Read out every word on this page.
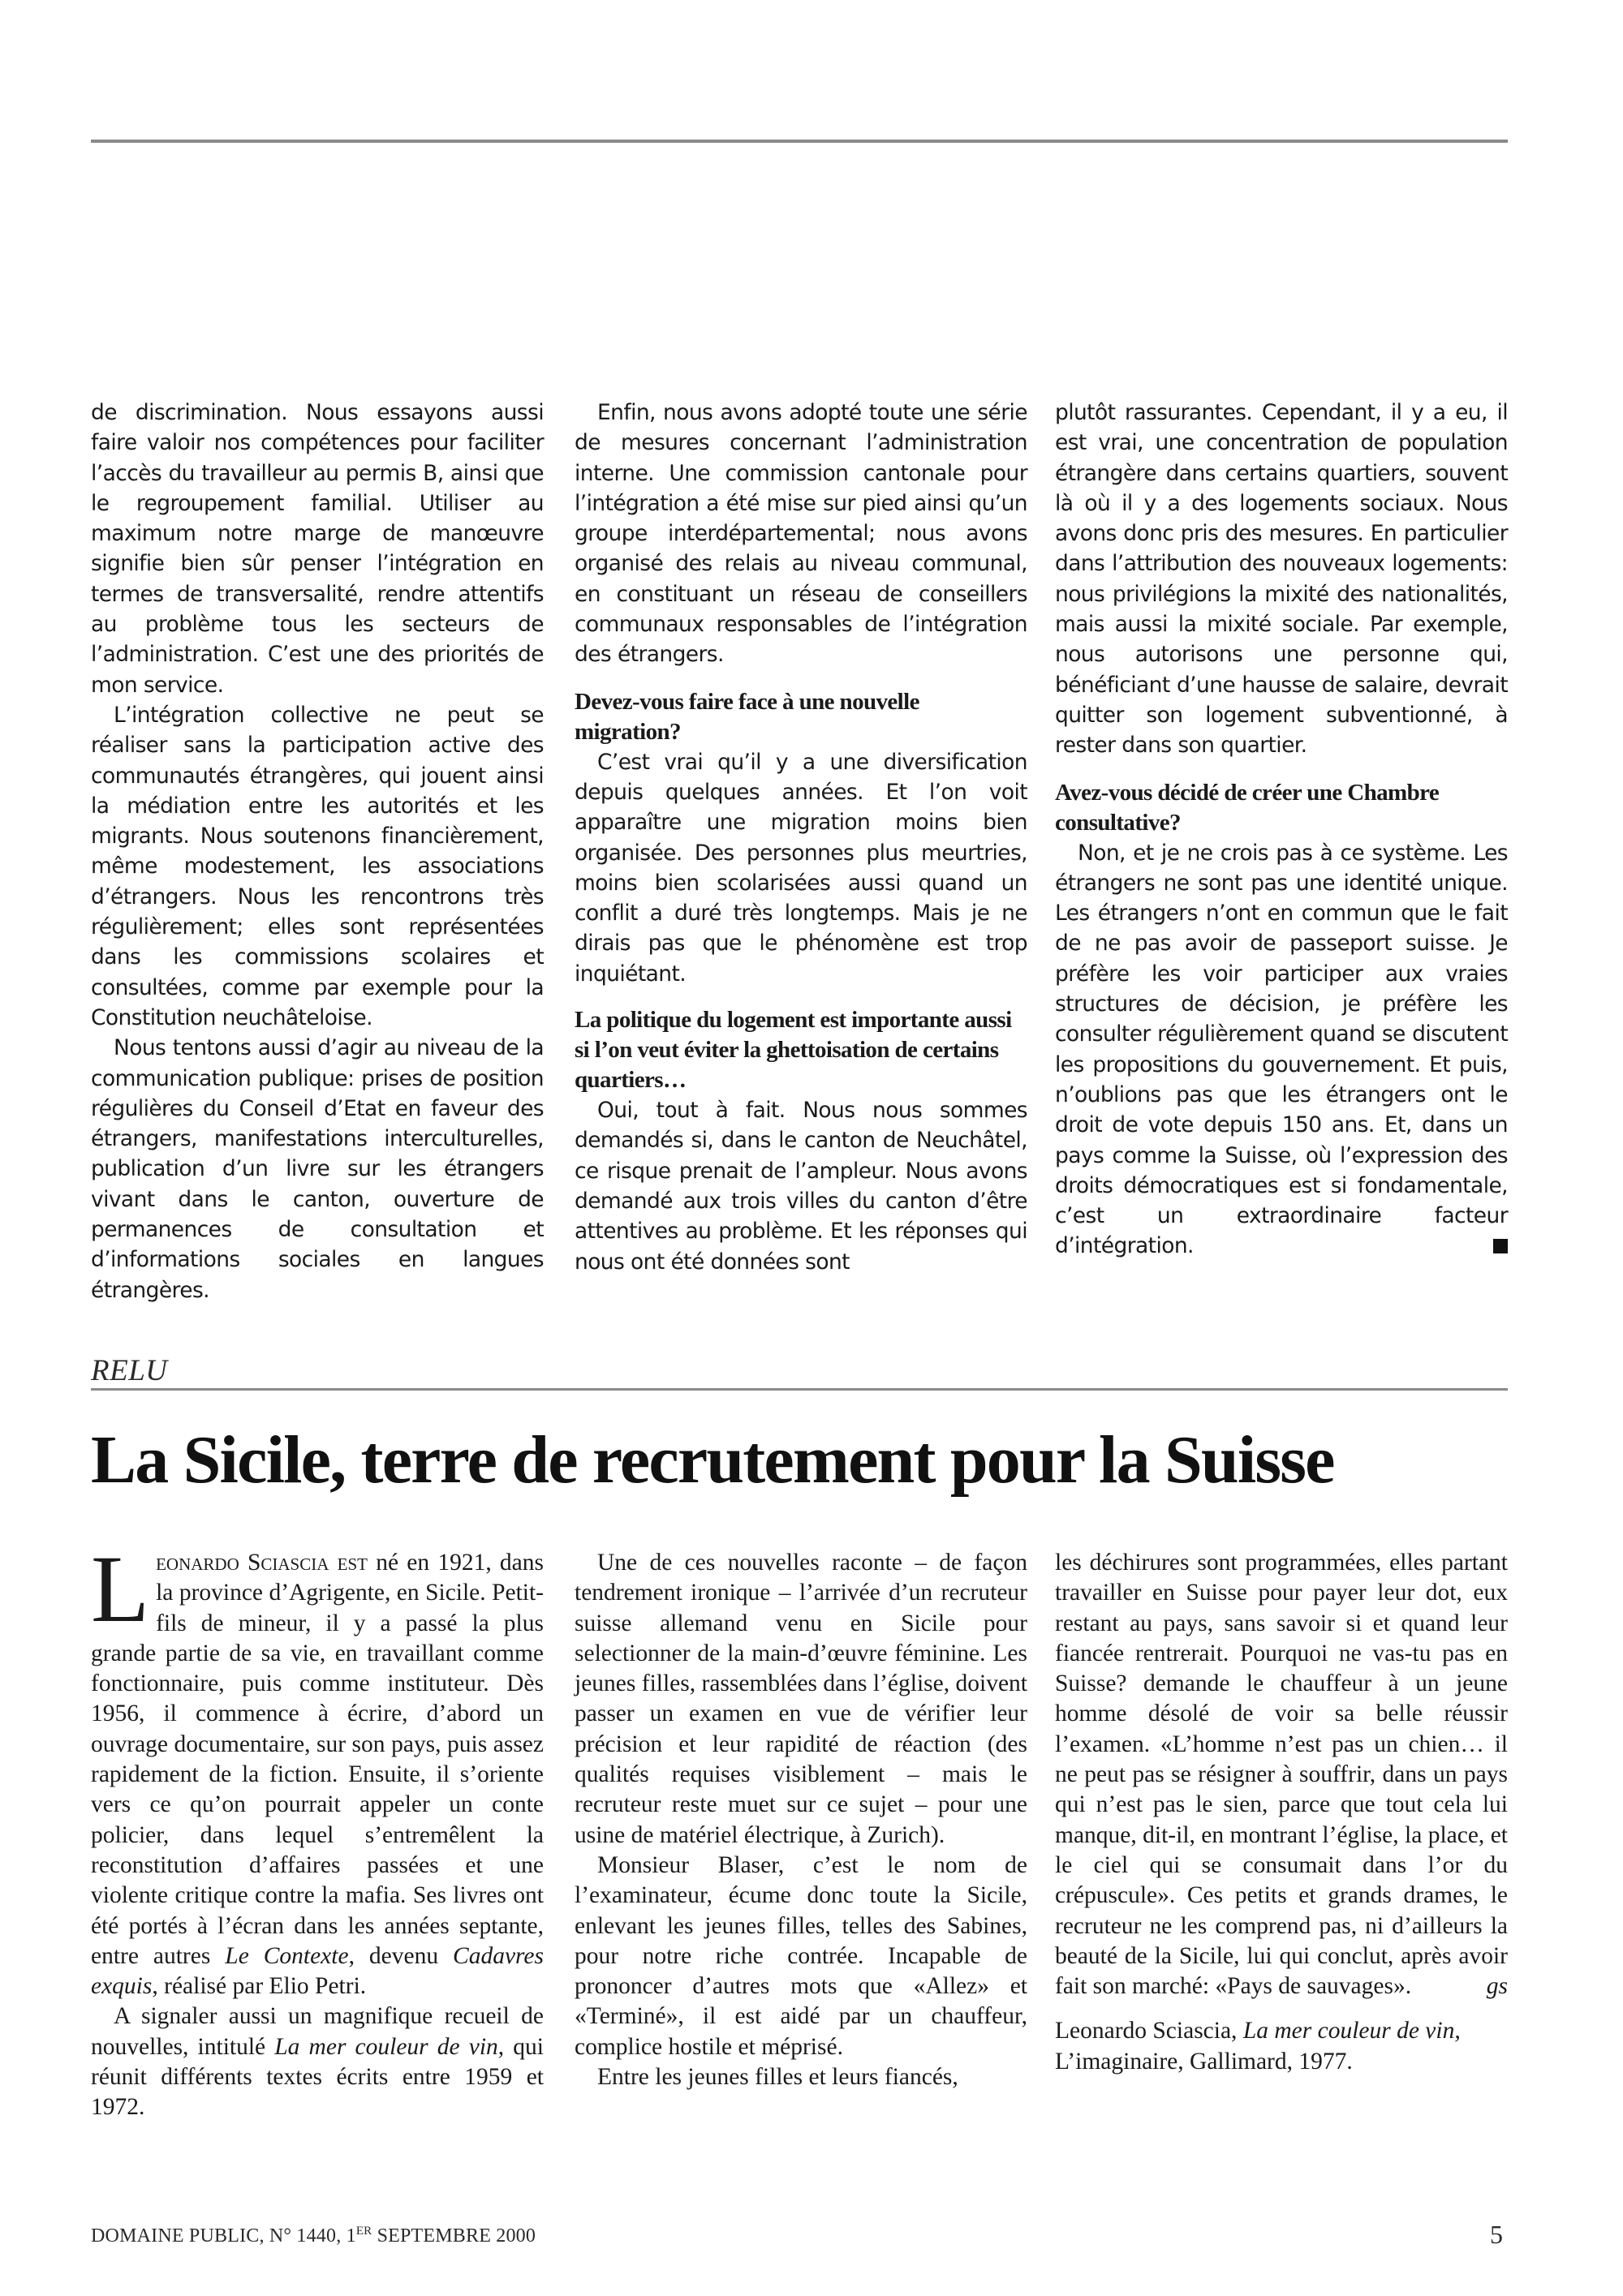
de discrimination. Nous essayons aussi faire valoir nos compétences pour faciliter l’accès du travailleur au permis B, ainsi que le regroupement familial. Utiliser au maximum notre marge de manœuvre signifie bien sûr penser l’intégration en termes de transversalité, rendre attentifs au problème tous les secteurs de l’administration. C’est une des priorités de mon service.

L’intégration collective ne peut se réaliser sans la participation active des communautés étrangères, qui jouent ainsi la médiation entre les autorités et les migrants. Nous soutenons financièrement, même modestement, les associations d’étrangers. Nous les rencontrons très régulièrement; elles sont représentées dans les commissions scolaires et consultées, comme par exemple pour la Constitution neuchâteloise.

Nous tentons aussi d’agir au niveau de la communication publique: prises de position régulières du Conseil d’Etat en faveur des étrangers, manifestations interculturelles, publication d’un livre sur les étrangers vivant dans le canton, ouverture de permanences de consultation et d’informations sociales en langues étrangères.

Enfin, nous avons adopté toute une série de mesures concernant l’administration interne. Une commission cantonale pour l’intégration a été mise sur pied ainsi qu’un groupe interdépartemental; nous avons organisé des relais au niveau communal, en constituant un réseau de conseillers communaux responsables de l’intégration des étrangers.

Devez-vous faire face à une nouvelle migration?

C’est vrai qu’il y a une diversification depuis quelques années. Et l’on voit apparaître une migration moins bien organisée. Des personnes plus meurtries, moins bien scolarisées aussi quand un conflit a duré très longtemps. Mais je ne dirais pas que le phénomène est trop inquiétant.

La politique du logement est importante aussi si l’on veut éviter la ghettoisation de certains quartiers…

Oui, tout à fait. Nous nous sommes demandés si, dans le canton de Neuchâtel, ce risque prenait de l’ampleur. Nous avons demandé aux trois villes du canton d’être attentives au problème. Et les réponses qui nous ont été données sont

plutôt rassurantes. Cependant, il y a eu, il est vrai, une concentration de population étrangère dans certains quartiers, souvent là où il y a des logements sociaux. Nous avons donc pris des mesures. En particulier dans l’attribution des nouveaux logements: nous privilégions la mixité des nationalités, mais aussi la mixité sociale. Par exemple, nous autorisons une personne qui, bénéficiant d’une hausse de salaire, devrait quitter son logement subventionné, à rester dans son quartier.

Avez-vous décidé de créer une Chambre consultative?

Non, et je ne crois pas à ce système. Les étrangers ne sont pas une identité unique. Les étrangers n’ont en commun que le fait de ne pas avoir de passeport suisse. Je préfère les voir participer aux vraies structures de décision, je préfère les consulter régulièrement quand se discutent les propositions du gouvernement. Et puis, n’oublions pas que les étrangers ont le droit de vote depuis 150 ans. Et, dans un pays comme la Suisse, où l’expression des droits démocratiques est si fondamentale, c’est un extraordinaire facteur d’intégration.

RELU
La Sicile, terre de recrutement pour la Suisse

Leonardo Sciascia est né en 1921, dans la province d’Agrigente, en Sicile. Petit-fils de mineur, il y a passé la plus grande partie de sa vie, en travaillant comme fonctionnaire, puis comme instituteur. Dès 1956, il commence à écrire, d’abord un ouvrage documentaire, sur son pays, puis assez rapidement de la fiction. Ensuite, il s’oriente vers ce qu’on pourrait appeler un conte policier, dans lequel s’entremêlent la reconstitution d’affaires passées et une violente critique contre la mafia. Ses livres ont été portés à l’écran dans les années septante, entre autres Le Contexte, devenu Cadavres exquis, réalisé par Elio Petri.

A signaler aussi un magnifique recueil de nouvelles, intitulé La mer couleur de vin, qui réunit différents textes écrits entre 1959 et 1972.

Une de ces nouvelles raconte – de façon tendrement ironique – l’arrivée d’un recruteur suisse allemand venu en Sicile pour selectionner de la main-d’œuvre féminine. Les jeunes filles, rassemblées dans l’église, doivent passer un examen en vue de vérifier leur précision et leur rapidité de réaction (des qualités requises visiblement – mais le recruteur reste muet sur ce sujet – pour une usine de matériel électrique, à Zurich).

Monsieur Blaser, c’est le nom de l’examinateur, écume donc toute la Sicile, enlevant les jeunes filles, telles des Sabines, pour notre riche contrée. Incapable de prononcer d’autres mots que «Allez» et «Terminé», il est aidé par un chauffeur, complice hostile et méprisé.

Entre les jeunes filles et leurs fiancés,

les déchirures sont programmées, elles partant travailler en Suisse pour payer leur dot, eux restant au pays, sans savoir si et quand leur fiancée rentrerait. Pourquoi ne vas-tu pas en Suisse? demande le chauffeur à un jeune homme désolé de voir sa belle réussir l’examen. «L’homme n’est pas un chien… il ne peut pas se résigner à souffrir, dans un pays qui n’est pas le sien, parce que tout cela lui manque, dit-il, en montrant l’église, la place, et le ciel qui se consumait dans l’or du crépuscule». Ces petits et grands drames, le recruteur ne les comprend pas, ni d’ailleurs la beauté de la Sicile, lui qui conclut, après avoir fait son marché: «Pays de sauvages».	gs

Leonardo Sciascia, La mer couleur de vin, L’imaginaire, Gallimard, 1977.

DOMAINE PUBLIC, N° 1440, 1ER SEPTEMBRE 2000	5
